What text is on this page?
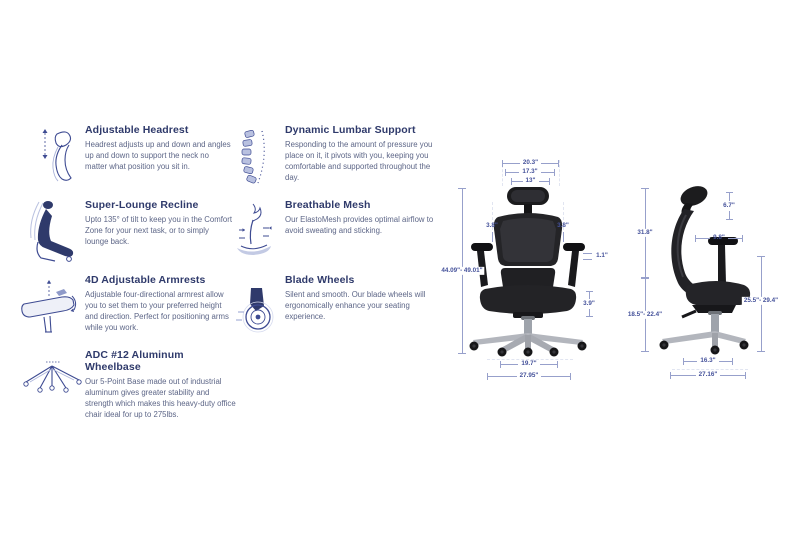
Adjustable Headrest

Headrest adjusts up and down and angles up and down to support the neck no matter what position you sit in.

Super-Lounge Recline

Upto 135° of tilt to keep you in the Comfort Zone for your next task, or to simply lounge back.

4D Adjustable Armrests

Adjustable four-directional armrest allow you to set them to your preferred height and direction. Perfect for positioning arms while you work.

ADC #12 Aluminum Wheelbase

Our 5-Point Base made out of industrial aluminum gives greater stability and strength which makes this heavy-duty office chair ideal for up to 275lbs.

Dynamic Lumbar Support

Responding to the amount of pressure you place on it, it pivots with you, keeping you comfortable and supported throughout the day.

Breathable Mesh

Our ElastoMesh provides optimal airflow to avoid sweating and sticking.

Blade Wheels

Silent and smooth. Our blade wheels will ergonomically enhance your seating experience.

20.3"
17.3"
13"
44.09"- 49.01"
3.8"	3.8"
1.1"
3.9"
19.7"
27.95"
31.8"
18.5"- 22.4"
6.7"
9.8"
25.5"- 29.4"
16.3"
27.16"
